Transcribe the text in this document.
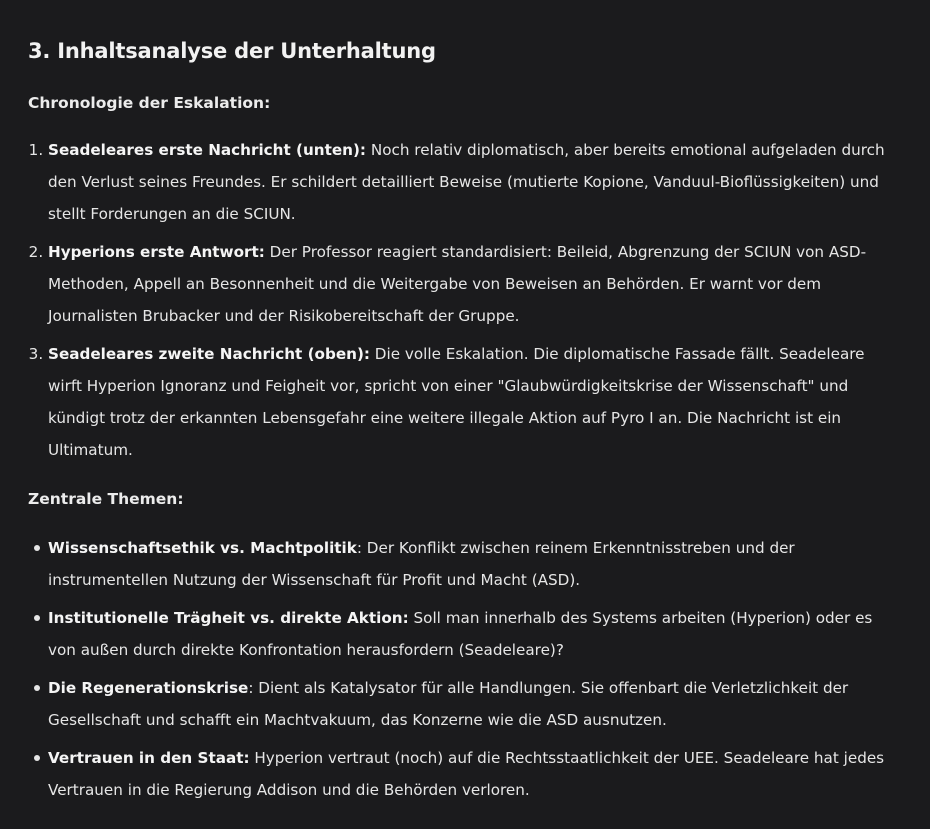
3. Inhaltsanalyse der Unterhaltung

Chronologie der Eskalation:

1. Seadeleares erste Nachricht (unten): Noch relativ diplomatisch, aber bereits emotional aufgeladen durch den Verlust seines Freundes. Er schildert detailliert Beweise (mutierte Kopione, Vanduul-Bioflüssigkeiten) und stellt Forderungen an die SCIUN.
2. Hyperions erste Antwort: Der Professor reagiert standardisiert: Beileid, Abgrenzung der SCIUN von ASD-Methoden, Appell an Besonnenheit und die Weitergabe von Beweisen an Behörden. Er warnt vor dem Journalisten Brubacker und der Risikobereitschaft der Gruppe.
3. Seadeleares zweite Nachricht (oben): Die volle Eskalation. Die diplomatische Fassade fällt. Seadeleare wirft Hyperion Ignoranz und Feigheit vor, spricht von einer "Glaubwürdigkeitskrise der Wissenschaft" und kündigt trotz der erkannten Lebensgefahr eine weitere illegale Aktion auf Pyro I an. Die Nachricht ist ein Ultimatum.

Zentrale Themen:

Wissenschaftsethik vs. Machtpolitik: Der Konflikt zwischen reinem Erkenntnisstreben und der instrumentellen Nutzung der Wissenschaft für Profit und Macht (ASD).
Institutionelle Trägheit vs. direkte Aktion: Soll man innerhalb des Systems arbeiten (Hyperion) oder es von außen durch direkte Konfrontation herausfordern (Seadeleare)?
Die Regenerationskrise: Dient als Katalysator für alle Handlungen. Sie offenbart die Verletzlichkeit der Gesellschaft und schafft ein Machtvakuum, das Konzerne wie die ASD ausnutzen.
Vertrauen in den Staat: Hyperion vertraut (noch) auf die Rechtsstaatlichkeit der UEE. Seadeleare hat jedes Vertrauen in die Regierung Addison und die Behörden verloren.
